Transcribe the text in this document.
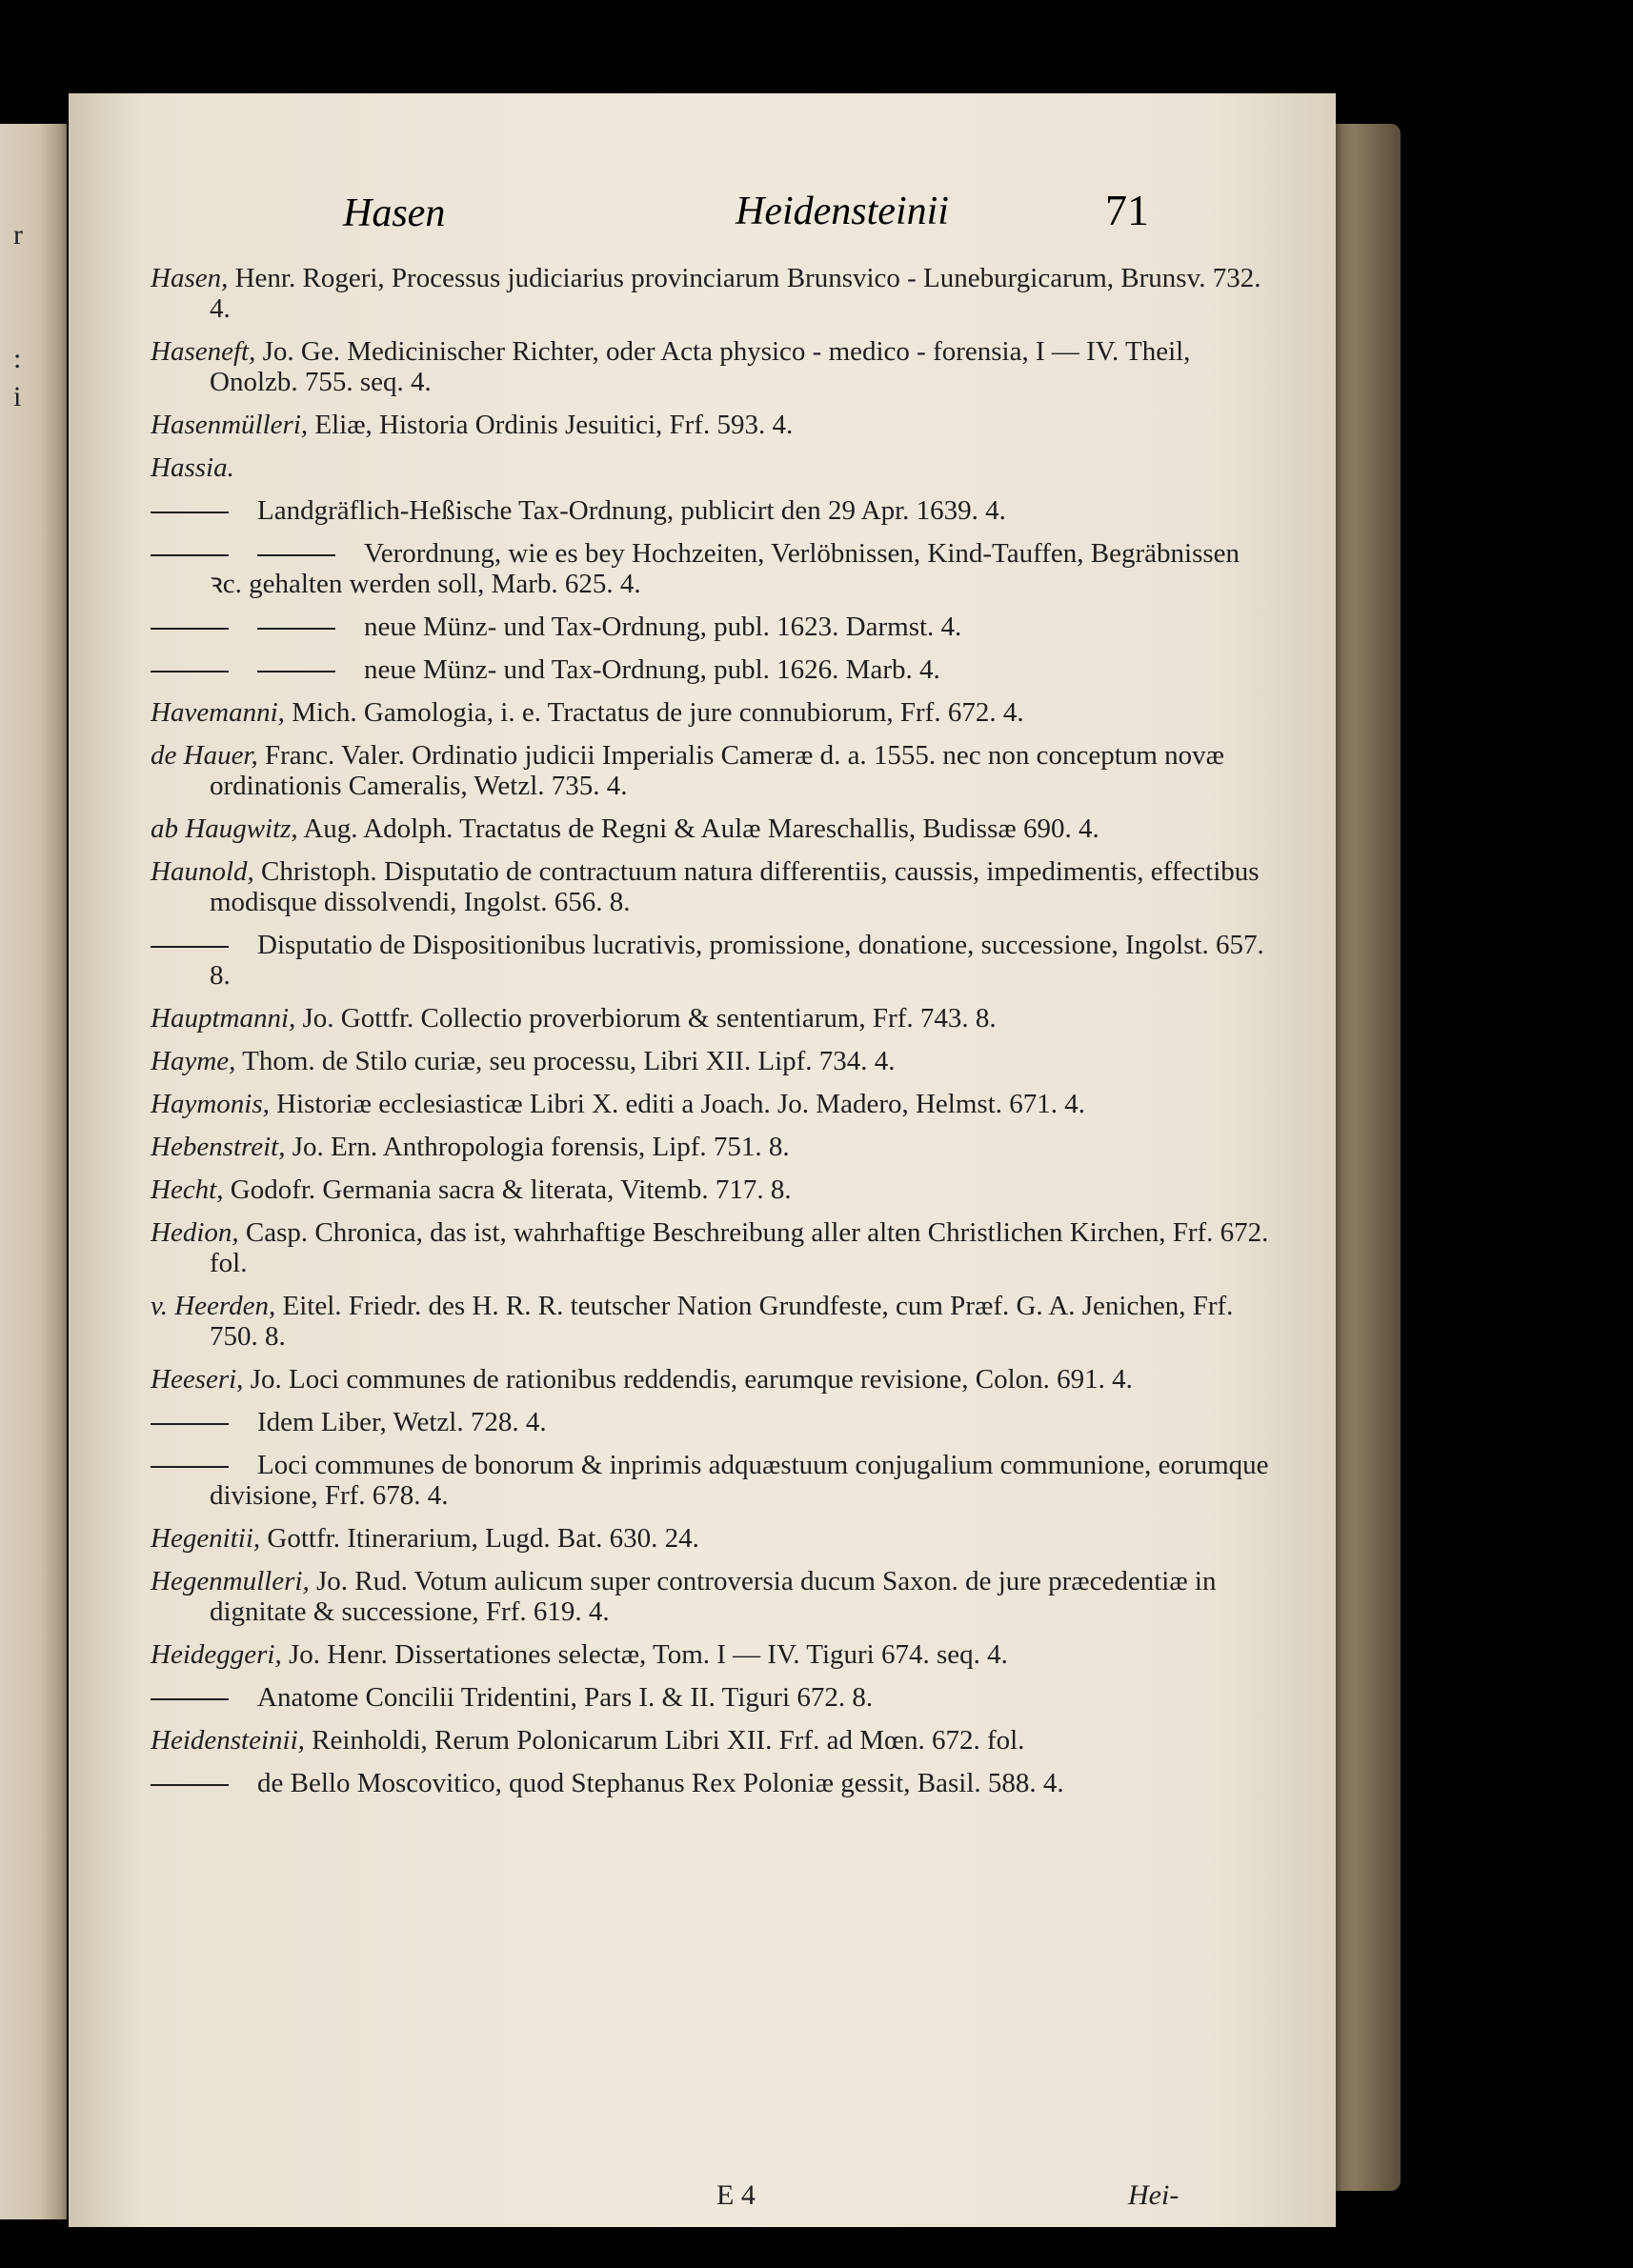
r
:
i
Hasen	Heidensteinii	71
Hasen, Henr. Rogeri, Processus judiciarius provinciarum Brunsvico - Luneburgicarum, Brunsv. 732. 4.
Haseneft, Jo. Ge. Medicinischer Richter, oder Acta physico - medico - forensia, I — IV. Theil, Onolzb. 755. seq. 4.
Hasenmülleri, Eliæ, Historia Ordinis Jesuitici, Frf. 593. 4.
Hassia.
Landgräflich-Heßische Tax-Ordnung, publicirt den 29 Apr. 1639. 4.
Verordnung, wie es bey Hochzeiten, Verlöbnissen, Kind-Tauffen, Begräbnissen ꝛc. gehalten werden soll, Marb. 625. 4.
neue Münz- und Tax-Ordnung, publ. 1623. Darmst. 4.
neue Münz- und Tax-Ordnung, publ. 1626. Marb. 4.
Havemanni, Mich. Gamologia, i. e. Tractatus de jure connubiorum, Frf. 672. 4.
de Hauer, Franc. Valer. Ordinatio judicii Imperialis Cameræ d. a. 1555. nec non conceptum novæ ordinationis Cameralis, Wetzl. 735. 4.
ab Haugwitz, Aug. Adolph. Tractatus de Regni & Aulæ Mareschallis, Budissæ 690. 4.
Haunold, Christoph. Disputatio de contractuum natura differentiis, caussis, impedimentis, effectibus modisque dissolvendi, Ingolst. 656. 8.
Disputatio de Dispositionibus lucrativis, promissione, donatione, successione, Ingolst. 657. 8.
Hauptmanni, Jo. Gottfr. Collectio proverbiorum & sententiarum, Frf. 743. 8.
Hayme, Thom. de Stilo curiæ, seu processu, Libri XII. Lipf. 734. 4.
Haymonis, Historiæ ecclesiasticæ Libri X. editi a Joach. Jo. Madero, Helmst. 671. 4.
Hebenstreit, Jo. Ern. Anthropologia forensis, Lipf. 751. 8.
Hecht, Godofr. Germania sacra & literata, Vitemb. 717. 8.
Hedion, Casp. Chronica, das ist, wahrhaftige Beschreibung aller alten Christlichen Kirchen, Frf. 672. fol.
v. Heerden, Eitel. Friedr. des H. R. R. teutscher Nation Grundfeste, cum Præf. G. A. Jenichen, Frf. 750. 8.
Heeseri, Jo. Loci communes de rationibus reddendis, earumque revisione, Colon. 691. 4.
Idem Liber, Wetzl. 728. 4.
Loci communes de bonorum & inprimis adquæstuum conjugalium communione, eorumque divisione, Frf. 678. 4.
Hegenitii, Gottfr. Itinerarium, Lugd. Bat. 630. 24.
Hegenmulleri, Jo. Rud. Votum aulicum super controversia ducum Saxon. de jure præcedentiæ in dignitate & successione, Frf. 619. 4.
Heideggeri, Jo. Henr. Dissertationes selectæ, Tom. I — IV. Tiguri 674. seq. 4.
Anatome Concilii Tridentini, Pars I. & II. Tiguri 672. 8.
Heidensteinii, Reinholdi, Rerum Polonicarum Libri XII. Frf. ad Mœn. 672. fol.
de Bello Moscovitico, quod Stephanus Rex Poloniæ gessit, Basil. 588. 4.
E 4	Hei-
